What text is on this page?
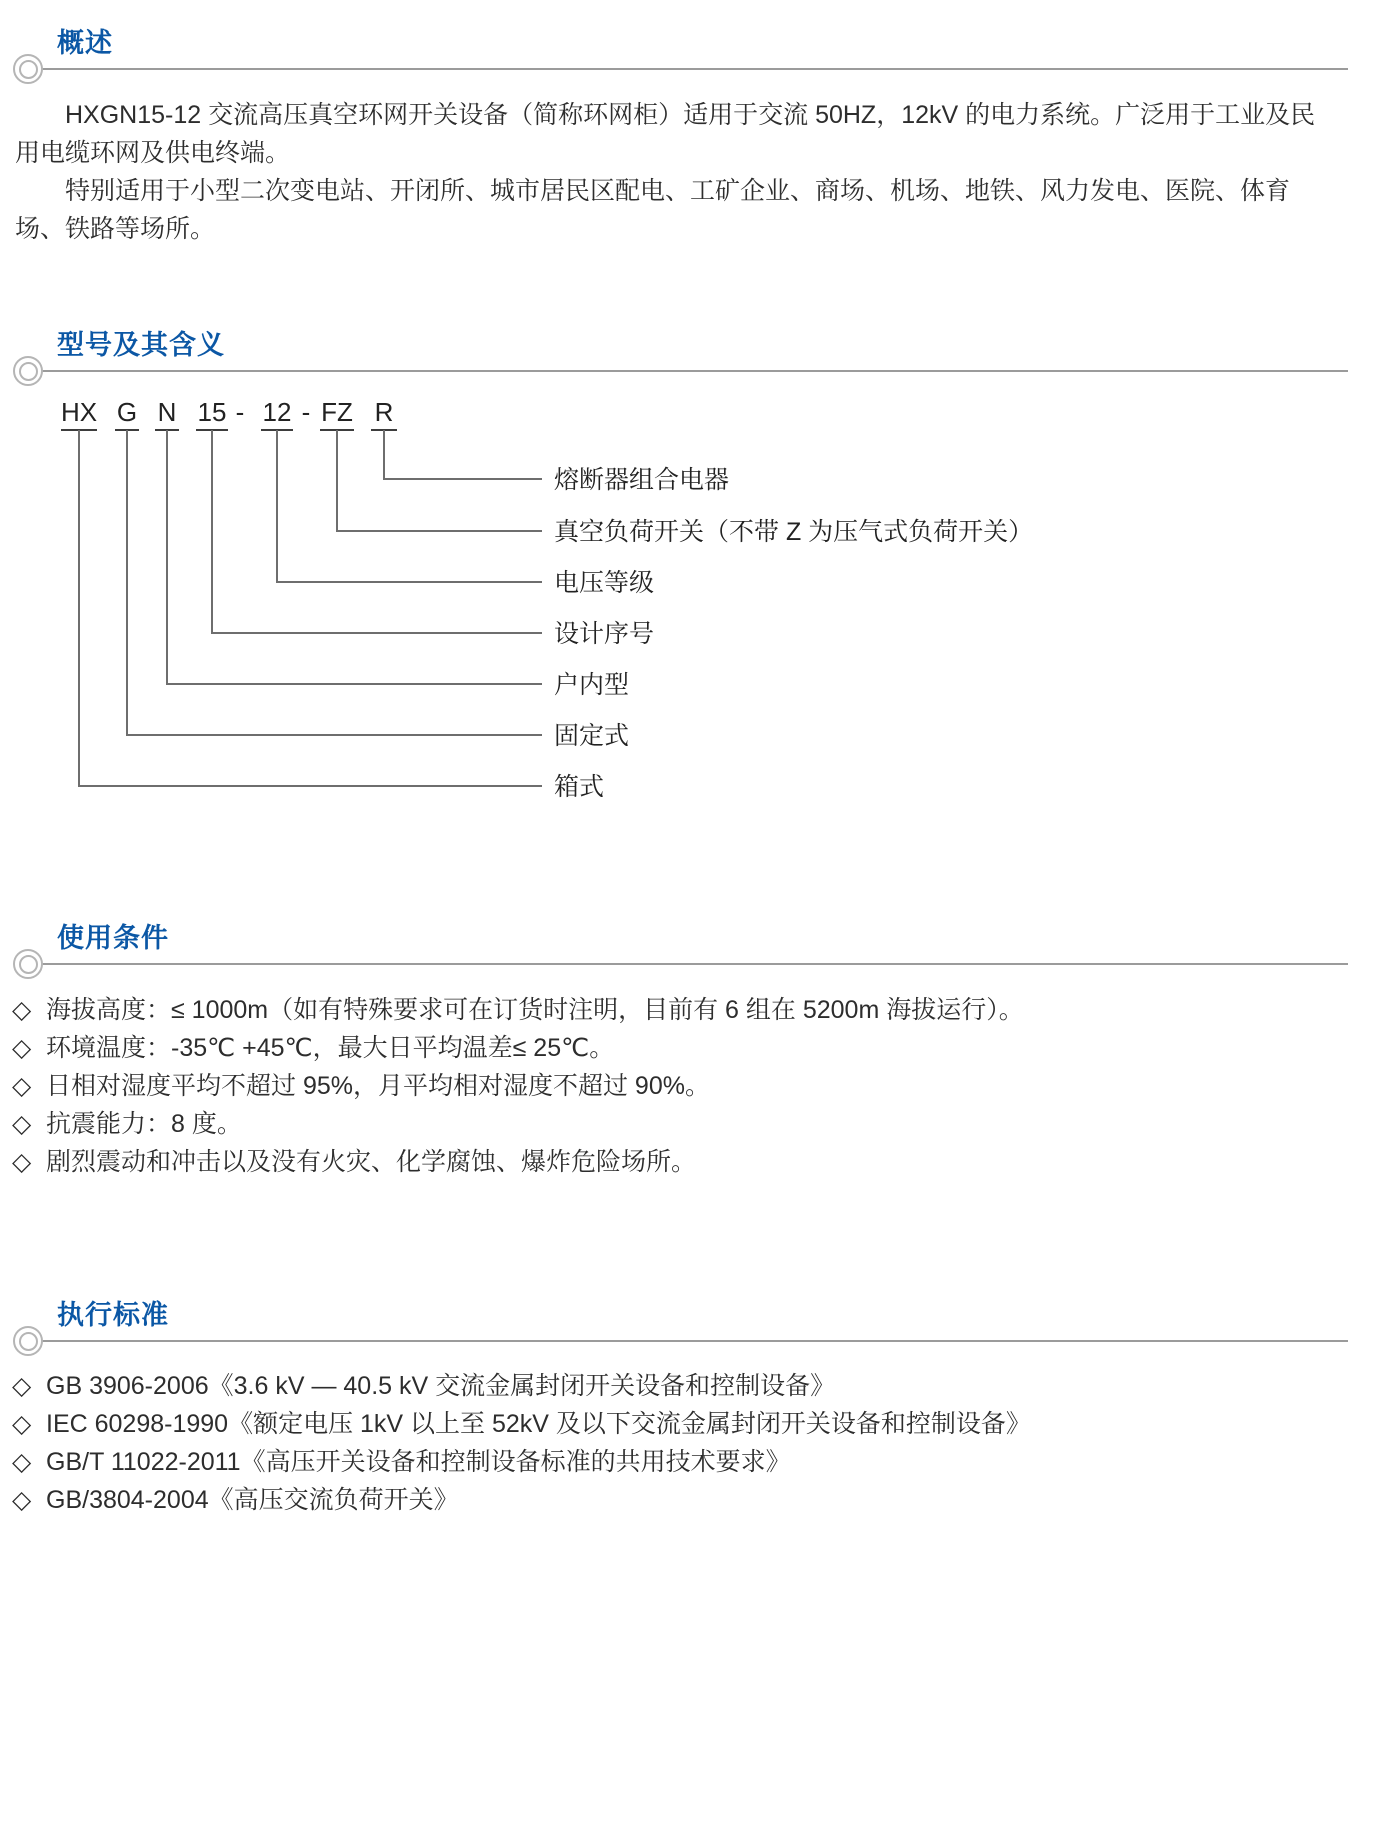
概述

HXGN15-12 交流高压真空环网开关设备（简称环网柜）适用于交流 50HZ，12kV 的电力系统。广泛用于工业及民用电缆环网及供电终端。

特别适用于小型二次变电站、开闭所、城市居民区配电、工矿企业、商场、机场、地铁、风力发电、医院、体育场、铁路等场所。

型号及其含义
HX G N 15 - 12 - FZ R
熔断器组合电器
真空负荷开关（不带 Z 为压气式负荷开关）
电压等级
设计序号
户内型
固定式
箱式
使用条件
◇ 海拔高度：≤ 1000m（如有特殊要求可在订货时注明，目前有 6 组在 5200m 海拔运行）。
◇ 环境温度：-35℃ +45℃，最大日平均温差≤ 25℃。
◇ 日相对湿度平均不超过 95%，月平均相对湿度不超过 90%。
◇ 抗震能力：8 度。
◇ 剧烈震动和冲击以及没有火灾、化学腐蚀、爆炸危险场所。
执行标准
◇ GB 3906-2006《3.6 kV — 40.5 kV 交流金属封闭开关设备和控制设备》
◇ IEC 60298-1990《额定电压 1kV 以上至 52kV 及以下交流金属封闭开关设备和控制设备》
◇ GB/T 11022-2011《高压开关设备和控制设备标准的共用技术要求》
◇ GB/3804-2004《高压交流负荷开关》
